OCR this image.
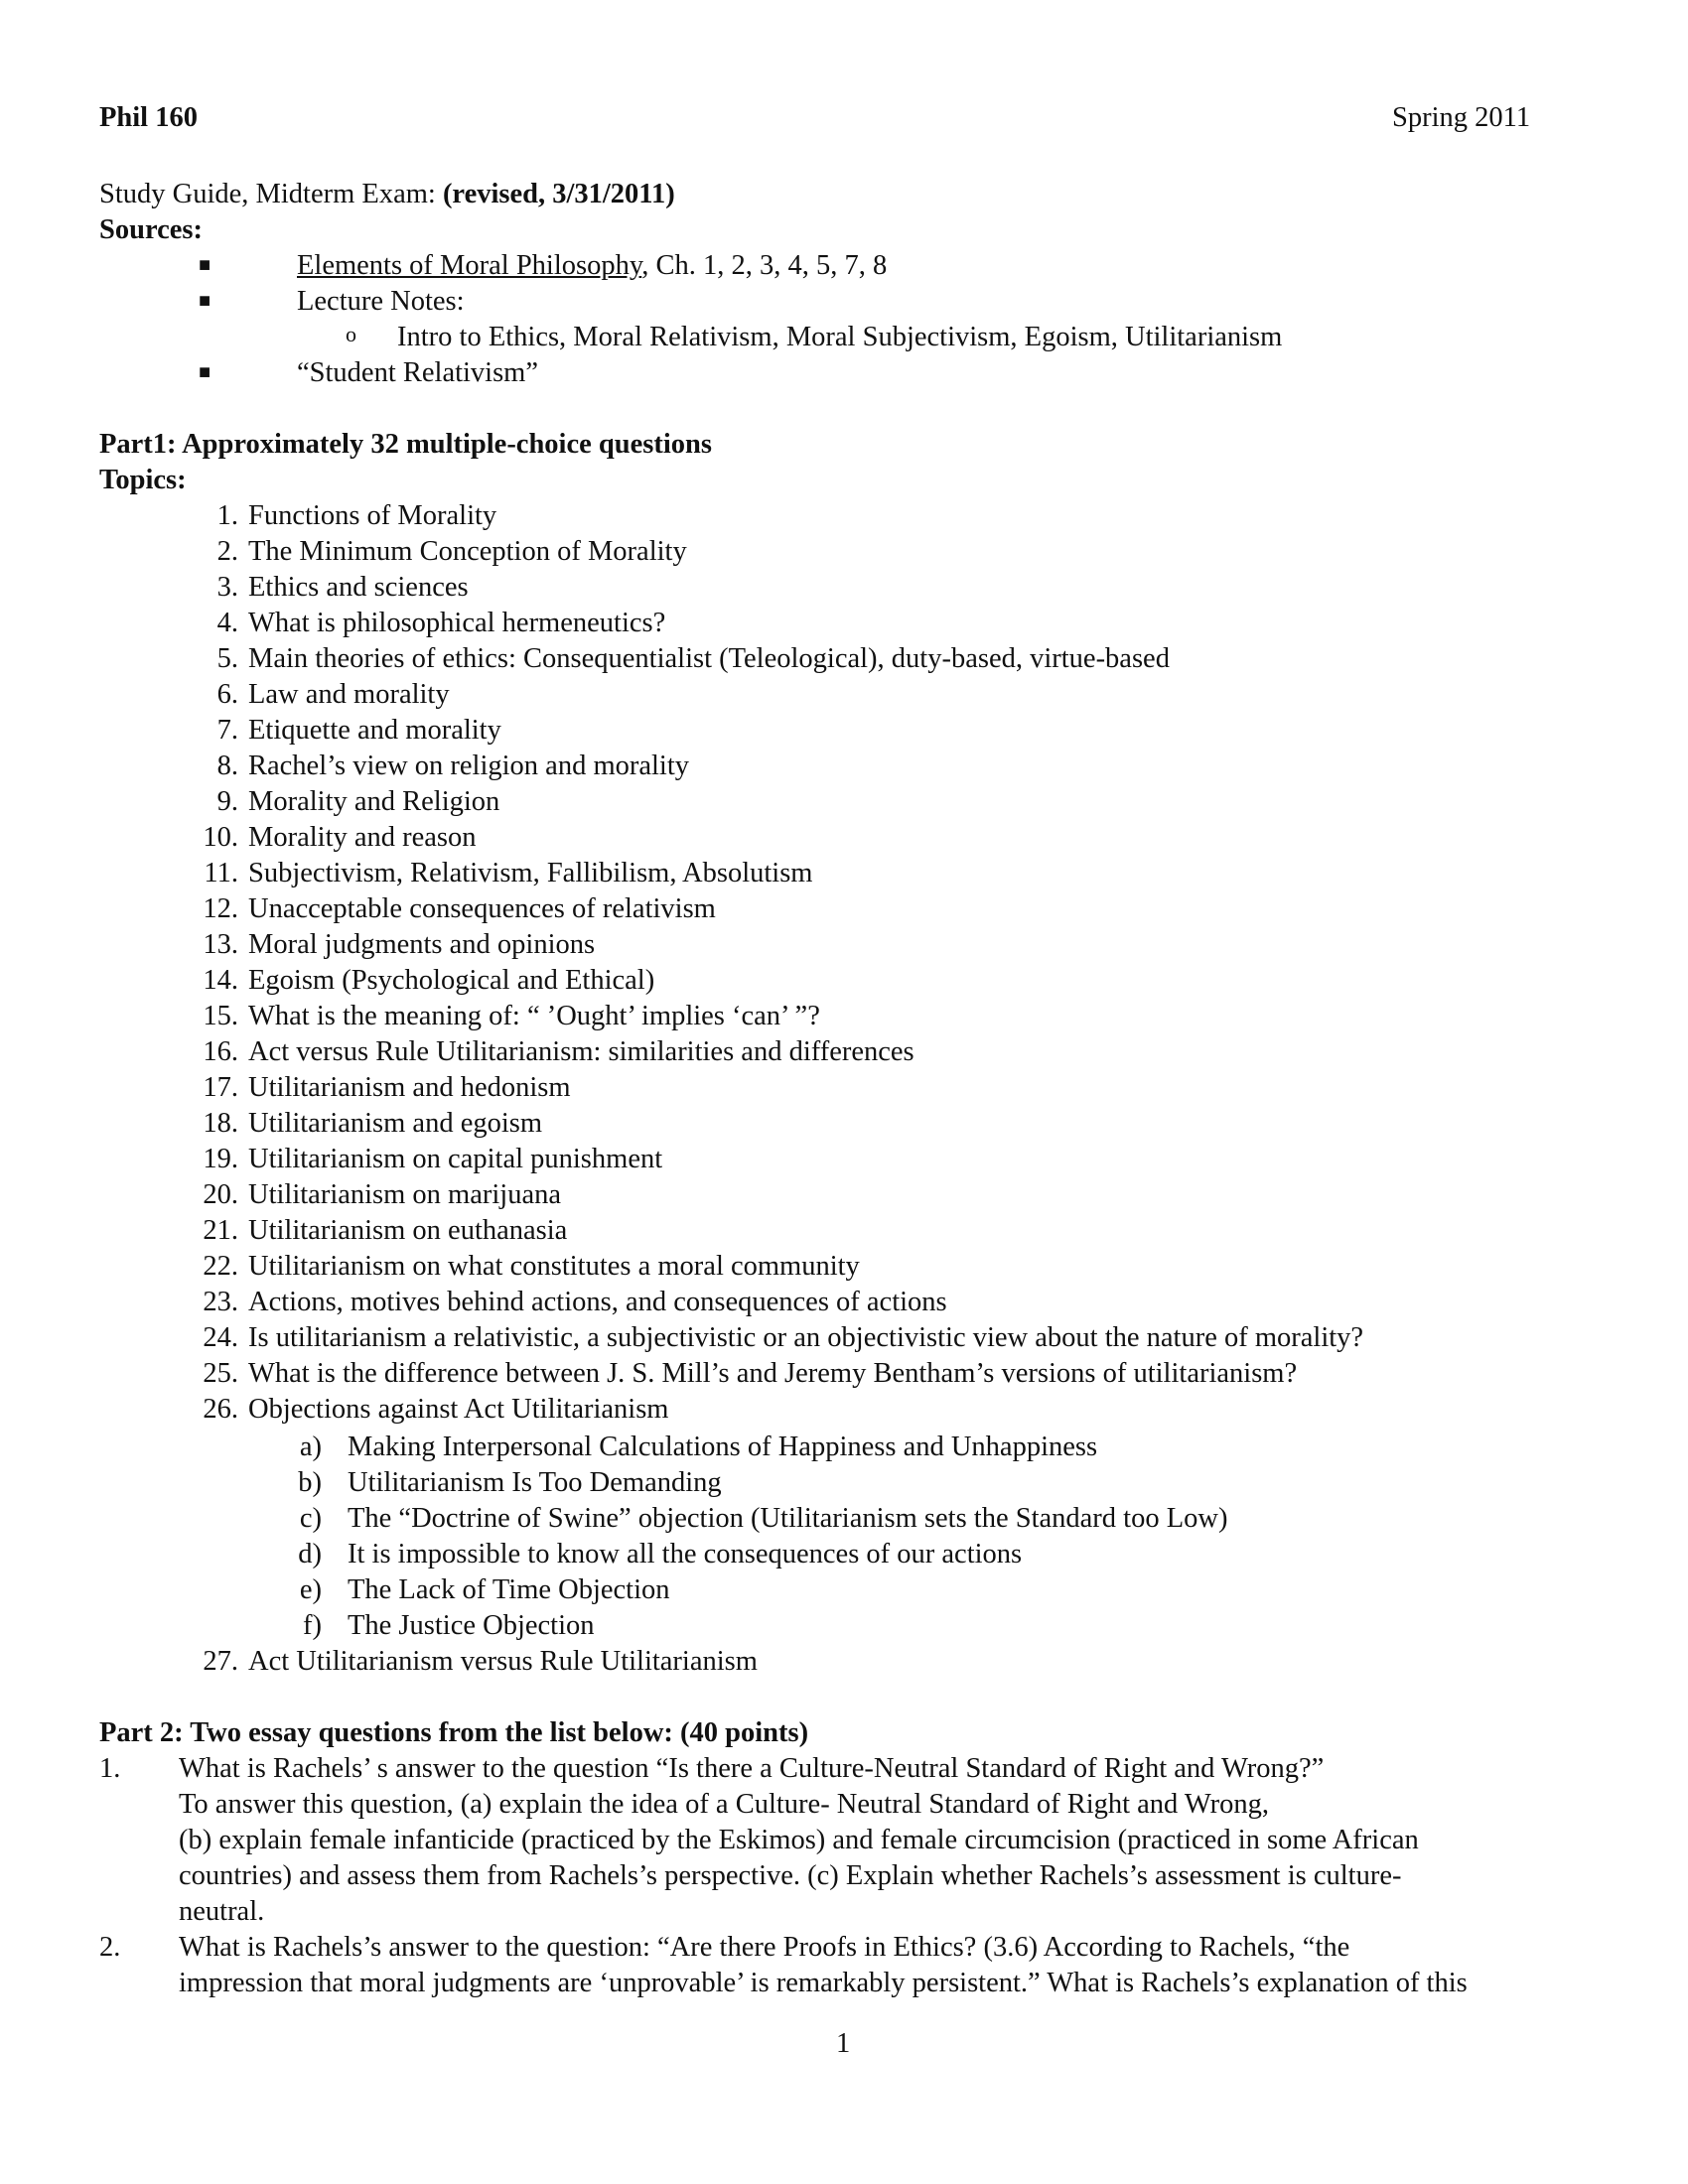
Phil 160	Spring 2011
Study Guide, Midterm Exam: (revised, 3/31/2011)
Sources:
■	Elements of Moral Philosophy, Ch. 1, 2, 3, 4, 5, 7, 8
■	Lecture Notes:
o Intro to Ethics, Moral Relativism, Moral Subjectivism, Egoism, Utilitarianism
■	“Student Relativism”
Part1: Approximately 32 multiple-choice questions
Topics:
1. Functions of Morality
2. The Minimum Conception of Morality
3. Ethics and sciences
4. What is philosophical hermeneutics?
5. Main theories of ethics: Consequentialist (Teleological), duty-based, virtue-based
6. Law and morality
7. Etiquette and morality
8. Rachel’s view on religion and morality
9. Morality and Religion
10. Morality and reason
11. Subjectivism, Relativism, Fallibilism, Absolutism
12. Unacceptable consequences of relativism
13. Moral judgments and opinions
14. Egoism (Psychological and Ethical)
15. What is the meaning of: “ ’Ought’ implies ‘can’ ”?
16. Act versus Rule Utilitarianism: similarities and differences
17. Utilitarianism and hedonism
18. Utilitarianism and egoism
19. Utilitarianism on capital punishment
20. Utilitarianism on marijuana
21. Utilitarianism on euthanasia
22. Utilitarianism on what constitutes a moral community
23. Actions, motives behind actions, and consequences of actions
24. Is utilitarianism a relativistic, a subjectivistic or an objectivistic view about the nature of morality?
25. What is the difference between J. S. Mill’s and Jeremy Bentham’s versions of utilitarianism?
26. Objections against Act Utilitarianism
a) Making Interpersonal Calculations of Happiness and Unhappiness
b) Utilitarianism Is Too Demanding
c) The “Doctrine of Swine” objection (Utilitarianism sets the Standard too Low)
d) It is impossible to know all the consequences of our actions
e) The Lack of Time Objection
f) The Justice Objection
27. Act Utilitarianism versus Rule Utilitarianism
Part 2: Two essay questions from the list below: (40 points)
1. What is Rachels’ s answer to the question “Is there a Culture-Neutral Standard of Right and Wrong?”
To answer this question, (a) explain the idea of a Culture- Neutral Standard of Right and Wrong,
(b) explain female infanticide (practiced by the Eskimos) and female circumcision (practiced in some African
countries) and assess them from Rachels’s perspective. (c) Explain whether Rachels’s assessment is culture-
neutral.
2. What is Rachels’s answer to the question: “Are there Proofs in Ethics? (3.6) According to Rachels, “the
impression that moral judgments are ‘unprovable’ is remarkably persistent.” What is Rachels’s explanation of this
1
